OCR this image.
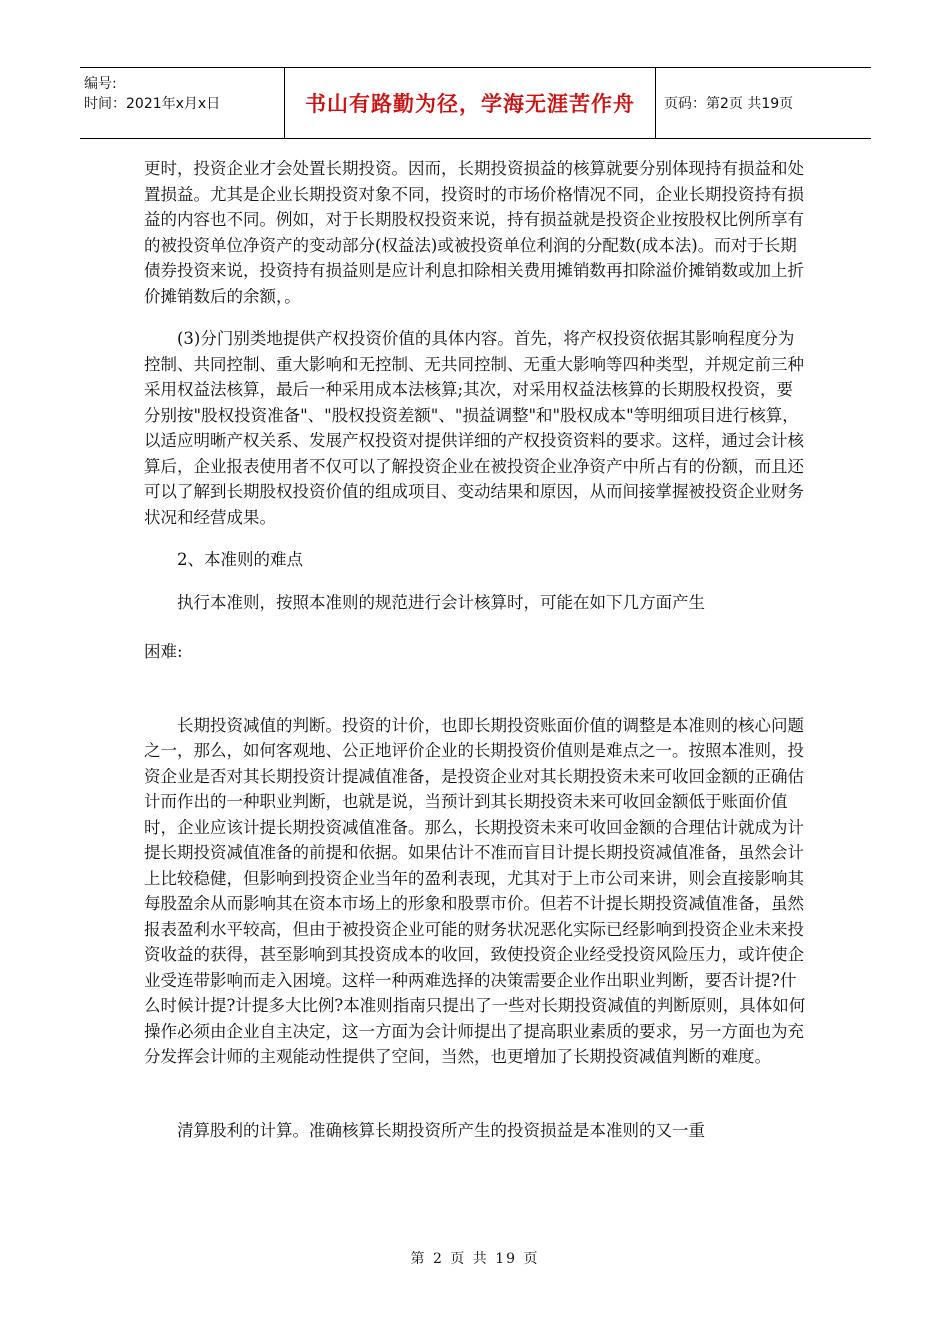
编号:
时间：2021年x月x日	书山有路勤为径，学海无涯苦作舟	页码：第2页 共19页

更时，投资企业才会处置长期投资。因而，长期投资损益的核算就要分别体现持有损益和处置损益。尤其是企业长期投资对象不同，投资时的市场价格情况不同，企业长期投资持有损益的内容也不同。例如，对于长期股权投资来说，持有损益就是投资企业按股权比例所享有的被投资单位净资产的变动部分(权益法)或被投资单位利润的分配数(成本法)。而对于长期债券投资来说，投资持有损益则是应计利息扣除相关费用摊销数再扣除溢价摊销数或加上折价摊销数后的余额，。

(3)分门别类地提供产权投资价值的具体内容。首先，将产权投资依据其影响程度分为控制、共同控制、重大影响和无控制、无共同控制、无重大影响等四种类型，并规定前三种采用权益法核算，最后一种采用成本法核算;其次，对采用权益法核算的长期股权投资，要分别按"股权投资准备"、"股权投资差额"、"损益调整"和"股权成本"等明细项目进行核算，以适应明晰产权关系、发展产权投资对提供详细的产权投资资料的要求。这样，通过会计核算后，企业报表使用者不仅可以了解投资企业在被投资企业净资产中所占有的份额，而且还可以了解到长期股权投资价值的组成项目、变动结果和原因，从而间接掌握被投资企业财务状况和经营成果。

2、本准则的难点

执行本准则，按照本准则的规范进行会计核算时，可能在如下几方面产生

困难:

长期投资减值的判断。投资的计价，也即长期投资账面价值的调整是本准则的核心问题之一，那么，如何客观地、公正地评价企业的长期投资价值则是难点之一。按照本准则，投资企业是否对其长期投资计提减值准备，是投资企业对其长期投资未来可收回金额的正确估计而作出的一种职业判断，也就是说，当预计到其长期投资未来可收回金额低于账面价值时，企业应该计提长期投资减值准备。那么，长期投资未来可收回金额的合理估计就成为计提长期投资减值准备的前提和依据。如果估计不准而盲目计提长期投资减值准备，虽然会计上比较稳健，但影响到投资企业当年的盈利表现，尤其对于上市公司来讲，则会直接影响其每股盈余从而影响其在资本市场上的形象和股票市价。但若不计提长期投资减值准备，虽然报表盈利水平较高，但由于被投资企业可能的财务状况恶化实际已经影响到投资企业未来投资收益的获得，甚至影响到其投资成本的收回，致使投资企业经受投资风险压力，或许使企业受连带影响而走入困境。这样一种两难选择的决策需要企业作出职业判断，要否计提?什么时候计提?计提多大比例?本准则指南只提出了一些对长期投资减值的判断原则，具体如何操作必须由企业自主决定，这一方面为会计师提出了提高职业素质的要求，另一方面也为充分发挥会计师的主观能动性提供了空间，当然，也更增加了长期投资减值判断的难度。

清算股利的计算。准确核算长期投资所产生的投资损益是本准则的又一重

第 2 页 共 19 页
